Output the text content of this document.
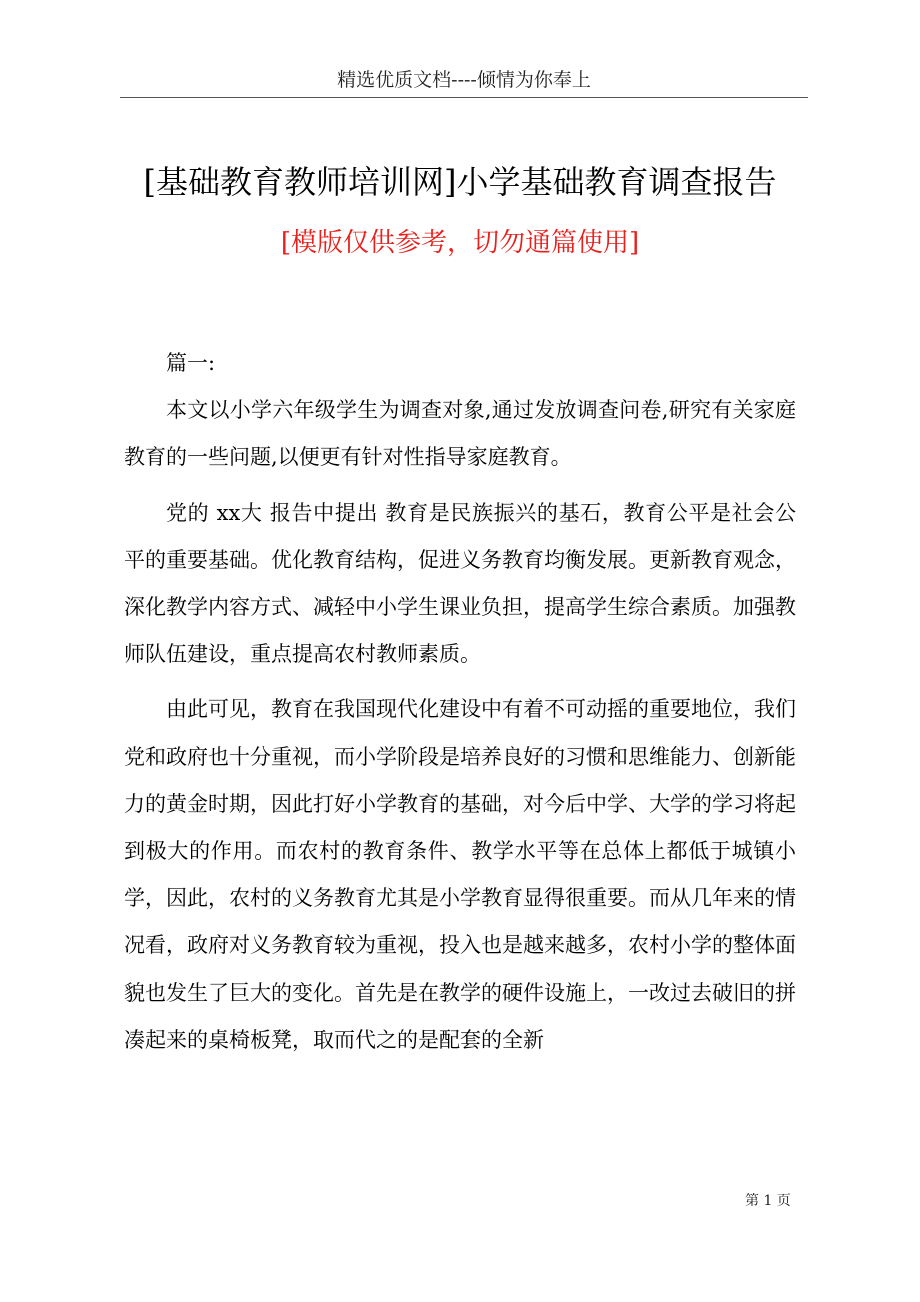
精选优质文档----倾情为你奉上
[基础教育教师培训网]小学基础教育调查报告
[模版仅供参考，切勿通篇使用]

篇一:

本文以小学六年级学生为调查对象,通过发放调查问卷,研究有关家庭教育的一些问题,以便更有针对性指导家庭教育。

党的 xx大 报告中提出 教育是民族振兴的基石，教育公平是社会公平的重要基础。优化教育结构，促进义务教育均衡发展。更新教育观念，深化教学内容方式、减轻中小学生课业负担，提高学生综合素质。加强教师队伍建设，重点提高农村教师素质。

由此可见，教育在我国现代化建设中有着不可动摇的重要地位，我们党和政府也十分重视，而小学阶段是培养良好的习惯和思维能力、创新能力的黄金时期，因此打好小学教育的基础，对今后中学、大学的学习将起到极大的作用。而农村的教育条件、教学水平等在总体上都低于城镇小学，因此，农村的义务教育尤其是小学教育显得很重要。而从几年来的情况看，政府对义务教育较为重视，投入也是越来越多，农村小学的整体面貌也发生了巨大的变化。首先是在教学的硬件设施上，一改过去破旧的拼凑起来的桌椅板凳，取而代之的是配套的全新

第 1 页
